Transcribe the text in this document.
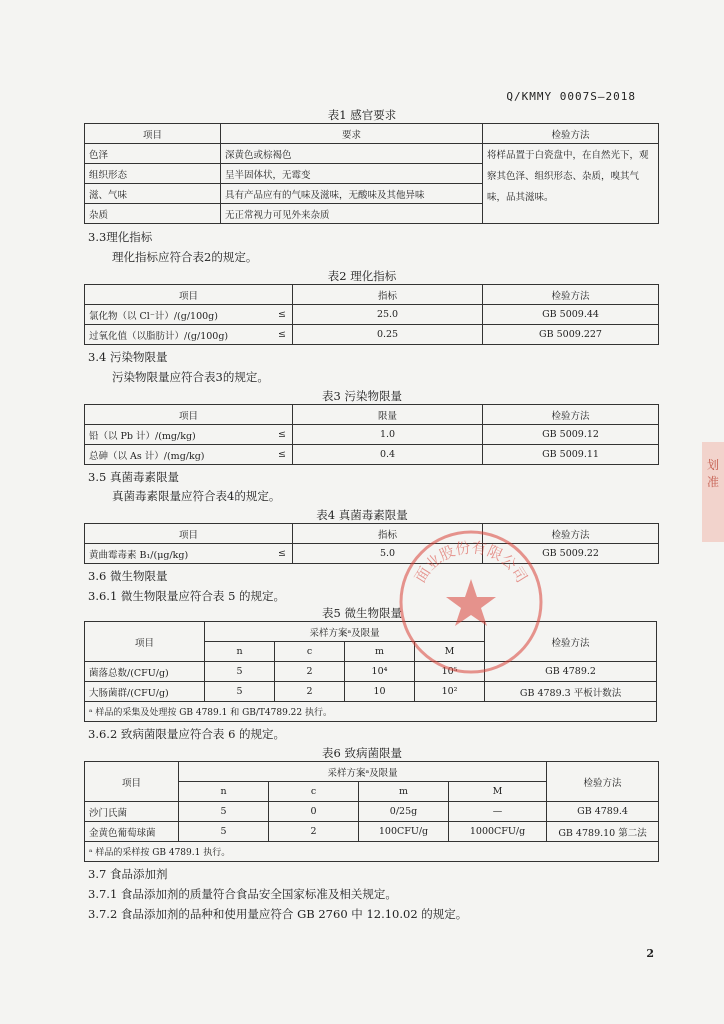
Q/KMMY 0007S—2018
表1 感官要求
项目	要求	检验方法
色泽	深黄色或棕褐色	将样品置于白瓷盘中，在自然光下，观察其色泽、组织形态、杂质，嗅其气味，品其滋味。
组织形态	呈半固体状，无霉变	
滋、气味	具有产品应有的气味及滋味，无酸味及其他异味	
杂质	无正常视力可见外来杂质	
3.3理化指标
理化指标应符合表2的规定。
表2 理化指标
项目		指标	检验方法
氯化物（以 Cl⁻计）/(g/100g)	≤	25.0	GB 5009.44
过氧化值（以脂肪计）/(g/100g)	≤	0.25	GB 5009.227
3.4 污染物限量
污染物限量应符合表3的规定。
表3 污染物限量
项目		限量	检验方法
铅（以 Pb 计）/(mg/kg)	≤	1.0	GB 5009.12
总砷（以 As 计）/(mg/kg)	≤	0.4	GB 5009.11
3.5 真菌毒素限量
真菌毒素限量应符合表4的规定。
表4 真菌毒素限量
项目		指标	检验方法
黄曲霉毒素 B₁/(μg/kg)	≤	5.0	GB 5009.22
3.6 微生物限量
3.6.1 微生物限量应符合表 5 的规定。
表5 微生物限量
项目	采样方案ᵃ及限量				检验方法
	n	c	m	M	
菌落总数/(CFU/g)	5	2	10⁴	10⁵	GB 4789.2
大肠菌群/(CFU/g)	5	2	10	10²	GB 4789.3 平板计数法
ᵃ 样品的采集及处理按 GB 4789.1 和 GB/T4789.22 执行。					
3.6.2 致病菌限量应符合表 6 的规定。
表6 致病菌限量
项目	采样方案ᵃ及限量				检验方法
	n	c	m	M	
沙门氏菌	5	0	0/25g	—	GB 4789.4
金黄色葡萄球菌	5	2	100CFU/g	1000CFU/g	GB 4789.10 第二法
ᵃ 样品的采样按 GB 4789.1 执行。					
3.7 食品添加剂
3.7.1 食品添加剂的质量符合食品安全国家标准及相关规定。
3.7.2 食品添加剂的品种和使用量应符合 GB 2760 中 12.10.02 的规定。
2
面业股份有限公司
划准
